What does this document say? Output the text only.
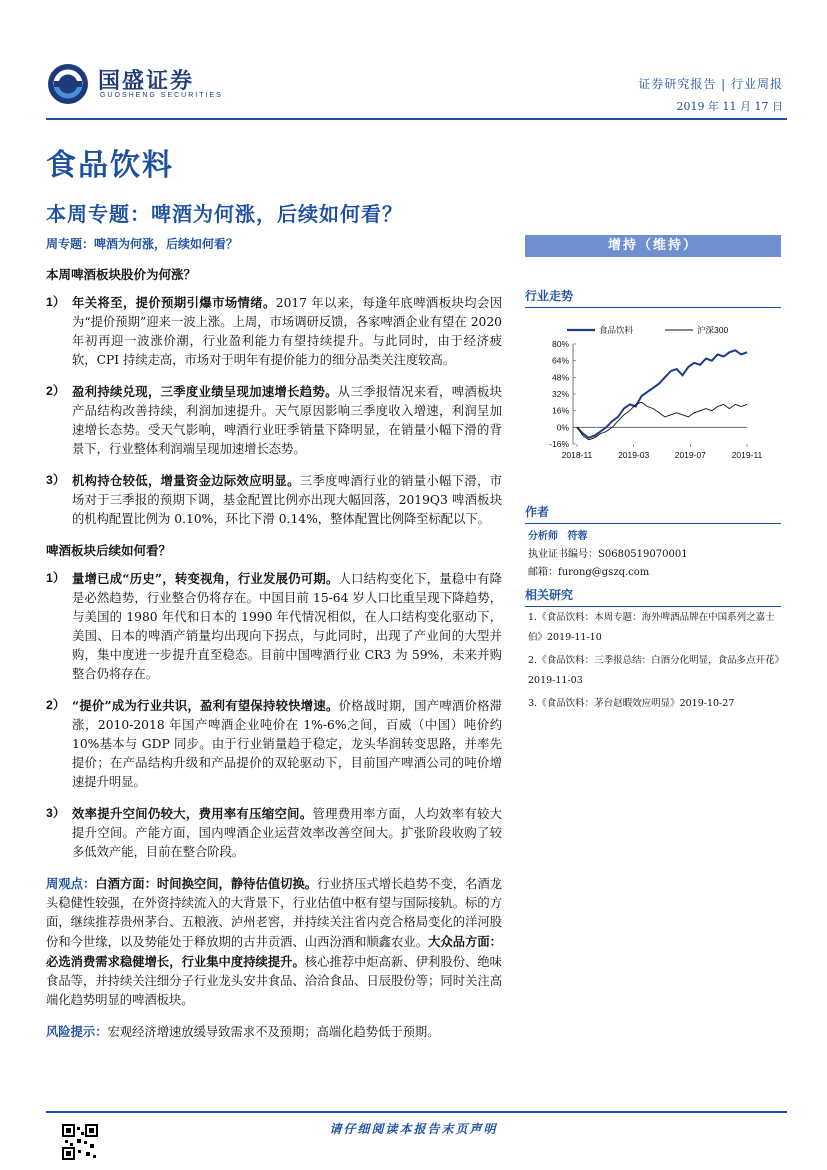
国盛证券
GUOSHENG SECURITIES
证券研究报告 | 行业周报
2019 年 11 月 17 日
食品饮料
本周专题：啤酒为何涨，后续如何看？
周专题：啤酒为何涨，后续如何看？
本周啤酒板块股价为何涨？
1） 年关将至，提价预期引爆市场情绪。2017 年以来，每逢年底啤酒板块均会因为“提价预期”迎来一波上涨。上周，市场调研反馈，各家啤酒企业有望在 2020 年初再迎一波涨价潮，行业盈利能力有望持续提升。与此同时，由于经济疲软，CPI 持续走高，市场对于明年有提价能力的细分品类关注度较高。
2） 盈利持续兑现，三季度业绩呈现加速增长趋势。从三季报情况来看，啤酒板块产品结构改善持续，利润加速提升。天气原因影响三季度收入增速，利润呈加速增长态势。受天气影响，啤酒行业旺季销量下降明显，在销量小幅下滑的背景下，行业整体利润端呈现加速增长态势。
3） 机构持仓较低，增量资金边际效应明显。三季度啤酒行业的销量小幅下滑，市场对于三季报的预期下调，基金配置比例亦出现大幅回落，2019Q3 啤酒板块的机构配置比例为 0.10%，环比下滑 0.14%，整体配置比例降至标配以下。
啤酒板块后续如何看？
1） 量增已成“历史”，转变视角，行业发展仍可期。人口结构变化下，量稳中有降是必然趋势，行业整合仍将存在。中国目前 15-64 岁人口比重呈现下降趋势，与美国的 1980 年代和日本的 1990 年代情况相似，在人口结构变化驱动下，美国、日本的啤酒产销量均出现向下拐点，与此同时，出现了产业间的大型并购，集中度进一步提升直至稳态。目前中国啤酒行业 CR3 为 59%，未来并购整合仍将存在。
2） “提价”成为行业共识，盈利有望保持较快增速。价格战时期，国产啤酒价格滞涨，2010-2018 年国产啤酒企业吨价在 1%-6%之间，百威（中国）吨价约 10%基本与 GDP 同步。由于行业销量趋于稳定，龙头华润转变思路，并率先提价；在产品结构升级和产品提价的双轮驱动下，目前国产啤酒公司的吨价增速提升明显。
3） 效率提升空间仍较大，费用率有压缩空间。管理费用率方面，人均效率有较大提升空间。产能方面，国内啤酒企业运营效率改善空间大。扩张阶段收购了较多低效产能，目前在整合阶段。
周观点：白酒方面：时间换空间，静待估值切换。行业挤压式增长趋势不变，名酒龙头稳健性较强，在外资持续流入的大背景下，行业估值中枢有望与国际接轨。标的方面，继续推荐贵州茅台、五粮液、泸州老窖，并持续关注省内竞合格局变化的洋河股份和今世缘，以及势能处于释放期的古井贡酒、山西汾酒和顺鑫农业。大众品方面：必选消费需求稳健增长，行业集中度持续提升。核心推荐中炬高新、伊利股份、绝味食品等，并持续关注细分子行业龙头安井食品、洽洽食品、日辰股份等；同时关注高端化趋势明显的啤酒板块。
风险提示：宏观经济增速放缓导致需求不及预期；高端化趋势低于预期。
增持（维持）
行业走势
食品饮料	沪深300
80%
64%
48%
32%
16%
0%
-16%
2018-11	2019-03	2019-07	2019-11
作者
分析师 符蓉
执业证书编号：S0680519070001
邮箱：furong@gszq.com
相关研究
1.《食品饮料：本周专题：海外啤酒品牌在中国系列之嘉士伯》2019-11-10
2.《食品饮料：三季报总结：白酒分化明显，食品多点开花》2019-11-03
3.《食品饮料：茅台赵暇效应明显》2019-10-27
请仔细阅读本报告末页声明
